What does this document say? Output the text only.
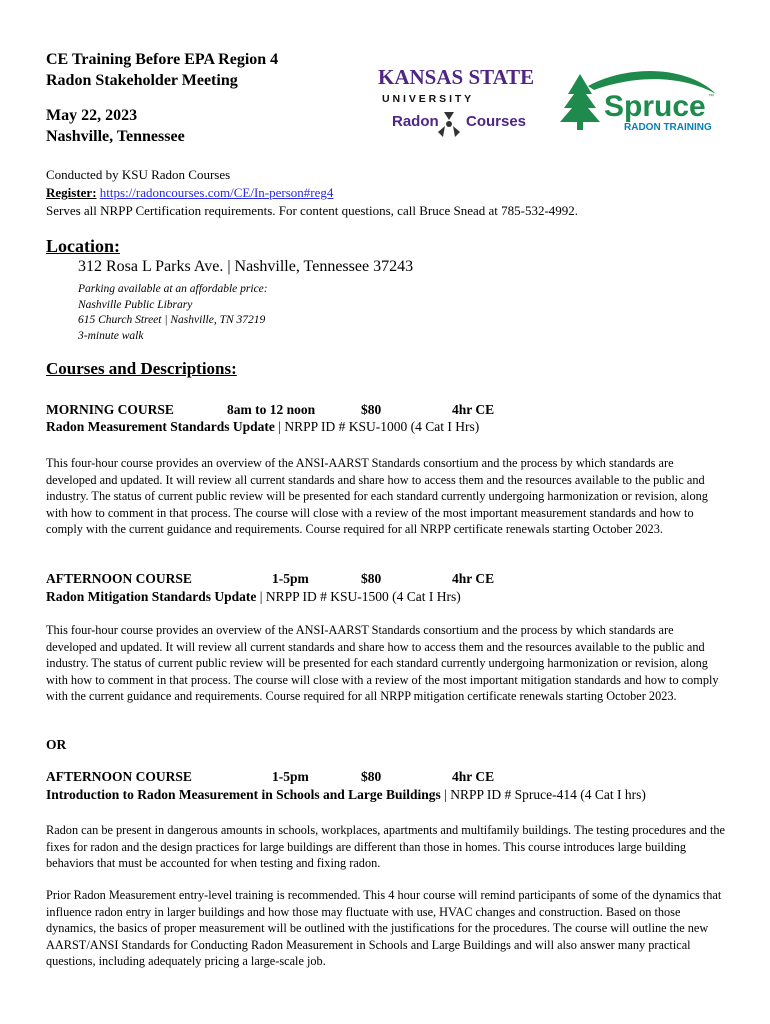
CE Training Before EPA Region 4
Radon Stakeholder Meeting
May 22, 2023
Nashville, Tennessee
KANSAS STATE
U N I V E R S I T Y
Radon Courses	Spruce ™
RADON TRAINING
Conducted by KSU Radon Courses
Register: https://radoncourses.com/CE/In-person#reg4
Serves all NRPP Certification requirements. For content questions, call Bruce Snead at 785-532-4992.
Location:
312 Rosa L Parks Ave. | Nashville, Tennessee 37243
Parking available at an affordable price:
Nashville Public Library
615 Church Street | Nashville, TN 37219
3-minute walk
Courses and Descriptions:
MORNING COURSE	8am to 12 noon	$80	4hr CE
Radon Measurement Standards Update | NRPP ID # KSU-1000 (4 Cat I Hrs)
This four-hour course provides an overview of the ANSI-AARST Standards consortium and the process by which standards are developed and updated. It will review all current standards and share how to access them and the resources available to the public and industry. The status of current public review will be presented for each standard currently undergoing harmonization or revision, along with how to comment in that process. The course will close with a review of the most important measurement standards and how to comply with the current guidance and requirements. Course required for all NRPP certificate renewals starting October 2023.
AFTERNOON COURSE	1-5pm	$80	4hr CE
Radon Mitigation Standards Update | NRPP ID # KSU-1500 (4 Cat I Hrs)
This four-hour course provides an overview of the ANSI-AARST Standards consortium and the process by which standards are developed and updated. It will review all current standards and share how to access them and the resources available to the public and industry. The status of current public review will be presented for each standard currently undergoing harmonization or revision, along with how to comment in that process. The course will close with a review of the most important mitigation standards and how to comply with the current guidance and requirements. Course required for all NRPP mitigation certificate renewals starting October 2023.
OR
AFTERNOON COURSE	1-5pm	$80	4hr CE
Introduction to Radon Measurement in Schools and Large Buildings | NRPP ID # Spruce-414 (4 Cat I hrs)
Radon can be present in dangerous amounts in schools, workplaces, apartments and multifamily buildings. The testing procedures and the fixes for radon and the design practices for large buildings are different than those in homes. This course introduces large building behaviors that must be accounted for when testing and fixing radon.
Prior Radon Measurement entry-level training is recommended. This 4 hour course will remind participants of some of the dynamics that influence radon entry in larger buildings and how those may fluctuate with use, HVAC changes and construction. Based on those dynamics, the basics of proper measurement will be outlined with the justifications for the procedures. The course will outline the new AARST/ANSI Standards for Conducting Radon Measurement in Schools and Large Buildings and will also answer many practical questions, including adequately pricing a large-scale job.
